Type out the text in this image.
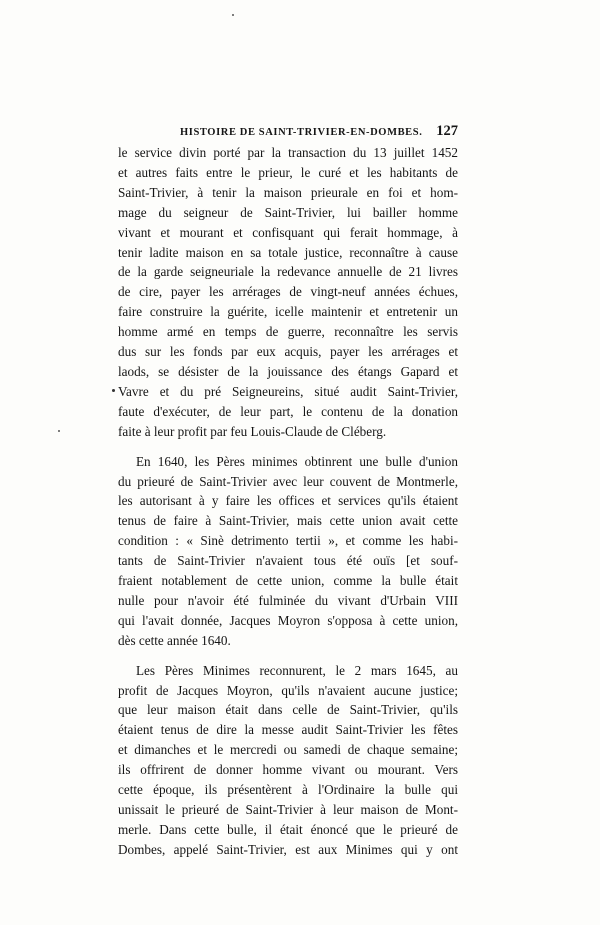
HISTOIRE DE SAINT-TRIVIER-EN-DOMBES. 127
le service divin porté par la transaction du 13 juillet 1452
et autres faits entre le prieur, le curé et les habitants de
Saint-Trivier, à tenir la maison prieurale en foi et hom-
mage du seigneur de Saint-Trivier, lui bailler homme
vivant et mourant et confisquant qui ferait hommage, à
tenir ladite maison en sa totale justice, reconnaître à cause
de la garde seigneuriale la redevance annuelle de 21 livres
de cire, payer les arrérages de vingt-neuf années échues,
faire construire la guérite, icelle maintenir et entretenir un
homme armé en temps de guerre, reconnaître les servis
dus sur les fonds par eux acquis, payer les arrérages et
laods, se désister de la jouissance des étangs Gapard et
Vavre et du pré Seigneureins, situé audit Saint-Trivier,
faute d'exécuter, de leur part, le contenu de la donation
faite à leur profit par feu Louis-Claude de Cléberg.
En 1640, les Pères minimes obtinrent une bulle d'union
du prieuré de Saint-Trivier avec leur couvent de Montmerle,
les autorisant à y faire les offices et services qu'ils étaient
tenus de faire à Saint-Trivier, mais cette union avait cette
condition : « Sinè detrimento tertii », et comme les habi-
tants de Saint-Trivier n'avaient tous été ouïs [et souf-
fraient notablement de cette union, comme la bulle était
nulle pour n'avoir été fulminée du vivant d'Urbain VIII
qui l'avait donnée, Jacques Moyron s'opposa à cette union,
dès cette année 1640.
Les Pères Minimes reconnurent, le 2 mars 1645, au
profit de Jacques Moyron, qu'ils n'avaient aucune justice;
que leur maison était dans celle de Saint-Trivier, qu'ils
étaient tenus de dire la messe audit Saint-Trivier les fêtes
et dimanches et le mercredi ou samedi de chaque semaine;
ils offrirent de donner homme vivant ou mourant. Vers
cette époque, ils présentèrent à l'Ordinaire la bulle qui
unissait le prieuré de Saint-Trivier à leur maison de Mont-
merle. Dans cette bulle, il était énoncé que le prieuré de
Dombes, appelé Saint-Trivier, est aux Minimes qui y ont
